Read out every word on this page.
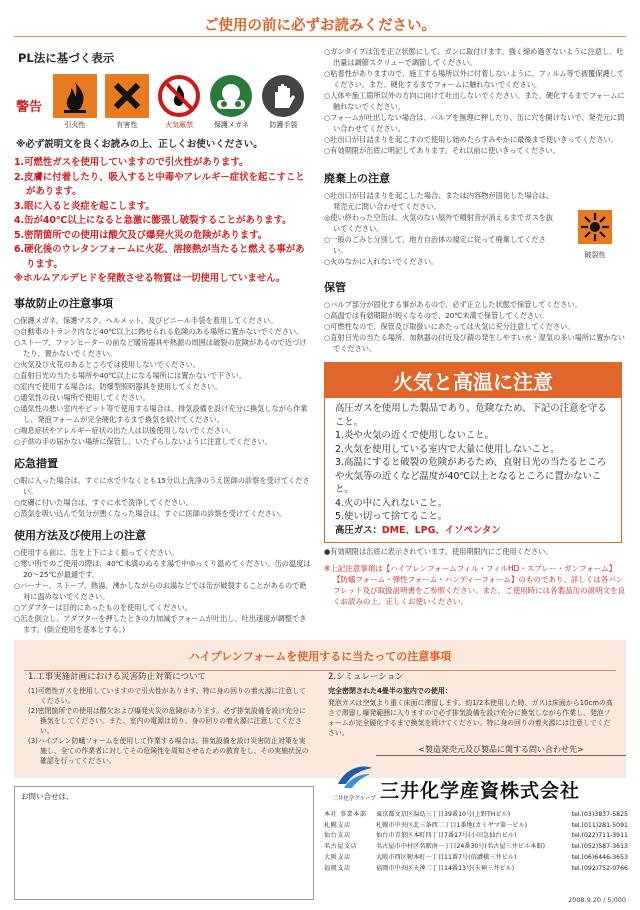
ご使用の前に必ずお読みください。
PL法に基づく表示
警告
引火性	有害性	火気厳禁	保護メガネ	防護手袋
※必ず説明文を良くお読みの上、正しくお使いください。
1.可燃性ガスを使用していますので引火性があります。
2.皮膚に付着したり、吸入すると中毒やアレルギー症状を起こすことがあります。
3.眼に入ると炎症を起こします。
4.缶が40℃以上になると急激に膨張し破裂することがあります。
5.密閉箇所での使用は酸欠及び爆発火災の危険があります。
6.硬化後のウレタンフォームに火花、溶接熱が当たると燃える事があります。
※ホルムアルデヒドを発散させる物質は一切使用していません。
事故防止の注意事項
○保護メガネ、保護マスク、ヘルメット、及びビニール手袋を着用してください。
○自動車のトランク内など40℃以上に熱せられる危険のある場所に置かないでください。
○ストーブ、ファンヒーターの前など暖房器具や熱源の周囲は破裂の危険があるので近づけたり、置かないでください。
○火気及び火花のあるところでは使用しないでください。
○直射日光の当たる場所や40℃以上になる場所には置かないで下さい。
○室内で使用する場合は、防爆型照明器具を使用してください。
○通気性の良い場所で使用してください。
○通気性の悪い室内やピット等で使用する場合は、排気設備を設け充分に換気しながら作業し、発泡フォームが完全硬化するまで換気を続けてください。
○喘息症状やアレルギー症状の出た人は以後使用しないでください。
○子供の手の届かない場所に保管し、いたずらしないように注意してください。
応急措置
○眼に入った場合は、すぐに水で少なくとも15分以上洗浄のうえ医師の診察を受けてください。
○皮膚に付いた場合は、すぐに水で洗浄してください。
○蒸気を吸い込んで気分が悪くなった場合は、すぐに医師の診察を受けてください。
使用方法及び使用上の注意
○使用する前に、缶を上下によく振ってください。
○寒い所でのご使用の際は、40℃未満のぬるま湯で中ゆっくり温めてください。缶の温度は20～25℃が最適です。
○バーナー、ストーブ、熱湯、沸かしながらのお湯などでは缶が破裂することがあるので絶対に温めないでください。
○アダプターは目的にあったものを使用してください。
○缶を倒立し、アダプターを押したときの力加減でフォームが吐出し、吐出速度が調整できます。(倒立使用を基本とする。)
○ガンタイプは缶を正立状態にして、ガンに取付けます。強く締め過ぎないように注意し、吐出量は調節スクリューで調節してください。
○粘着性がありますので、施工する場所以外に付着しないように、フィルム等で被覆保護してください。また、硬化するまでフォームに触れないでください。
○人体や施工箇所以外の方向に向けて吐出しないでください。また、硬化するまでフォームに触れないでください。
○フォームが吐出しない場合は、バルブを無理に押したり、缶に穴を開けないで、発売元に問い合わせてください。
○吐出口が目詰まりを起こすので使用し始めたらすみやかに最後まで使いきってください。
○有効期限が缶底に明記してあります。それ以前に使いきってください。
廃棄上の注意
○吐出口が目詰まりを起こした場合、または内容物が固化した場合は、発売元に問い合わせてください。
◎使い終わった空缶は、火気のない屋外で噴射音が消えるまでガスを抜いてください。
○一般のごみと分別して、地方自治体の規定に従って廃棄してください。
○火のなかに入れないでください。
破裂性
保管
○バルブ部分が固化する事があるので、必ず正立した状態で保管してください。
○高温では有効期限が短くなるので、20℃未満で保管してください。
○可燃性なので、保管及び取扱いにあたっては火気に充分注意してください。
○直射日光の当たる場所、加熱器の付近及び錆の発生しやすい水・湿気の多い場所に置かないでください。
火気と高温に注意
高圧ガスを使用した製品であり、危険なため、下記の注意を守ること。
1.炎や火気の近くで使用しないこと。
2.火気を使用している室内で大量に使用しないこと。
3.高温にすると破裂の危険があるため、直射日光の当たるところや火気等の近くなど温度が40℃以上となるところに置かないこと。
4.火の中に入れないこと。
5.使い切って捨てること。
高圧ガス：DME、LPG、イソペンタン
●有効期限は缶底に表示されています。使用期限内にご使用ください。
※上記注意事項は【ハイプレンフォームフィル・フィルHD・スプレー・ガンフォーム】【防蟻フォーム・弾性フォーム・ハンディーフォーム】のものであり、詳しくは各パンフレット及び取扱説明書をご参照ください。また、ご使用時には各製品缶の説明文を良くお読みの上、正しくお使いください。
ハイプレンフォームを使用するに当たっての注意事項
1.工事実施計画における災害防止対策について
(1)可燃性ガスを使用していますので引火性があります。特に身の回りの着火源に注意してください。
(2)密閉箇所での使用は酸欠および爆発火災の危険があります。必ず排気設備を設け充分に換気をしてください。また、室内の電源は切り、身の回りの着火源に注意してください。
(3)ハイプレン防蟻フォームを使用して作業する場合は、排気設備を設け災害防止対策を実施し、全ての作業者に対してその危険性を周知させるための教育をし、その実施状況の確認を行ってください。
2.シミュレーション
完全密閉された4畳半の室内での使用：

発泡ガスは空気より重く床面に滞留します。約1/2本使用した時、ガスは床面から10cmの高さで滞留し爆発範囲に入りますので必ず排気設備を設け充分に換気しながら作業し、発泡フォームが完全硬化するまで換気を続けてください。特に身の回りの着火源には注意してください。

お問い合せは、
<製造発売元及び製品に関する問い合わせ先>
三井化学グループ 三井化学産資株式会社
本社 事業本部	東京都文京区湯島三丁目39番10号(上野THビル)	tel.(03)3837-5825
札幌支店	札幌市中央区北三条西二丁目1番地(カミヤマ第一ビル)	tel.(011)281-5091
仙台支店	仙台市青葉区本町四丁目7番17号(小田急仙台ビル)	tel.(022)711-3911
名古屋支店	名古屋市中村区名駅南一丁目24番30号(名古屋三井ビル本館)	tel.(052)587-3613
大阪支店	大阪市西区靭本町一丁目11番7号(信濃橋三井ビル)	tel.(06)6446-3653
福岡支店	福岡市中央区天神二丁目14番13号(天神三井ビル)	tel.(092)752-0766
2008.9.20 / 5,000
